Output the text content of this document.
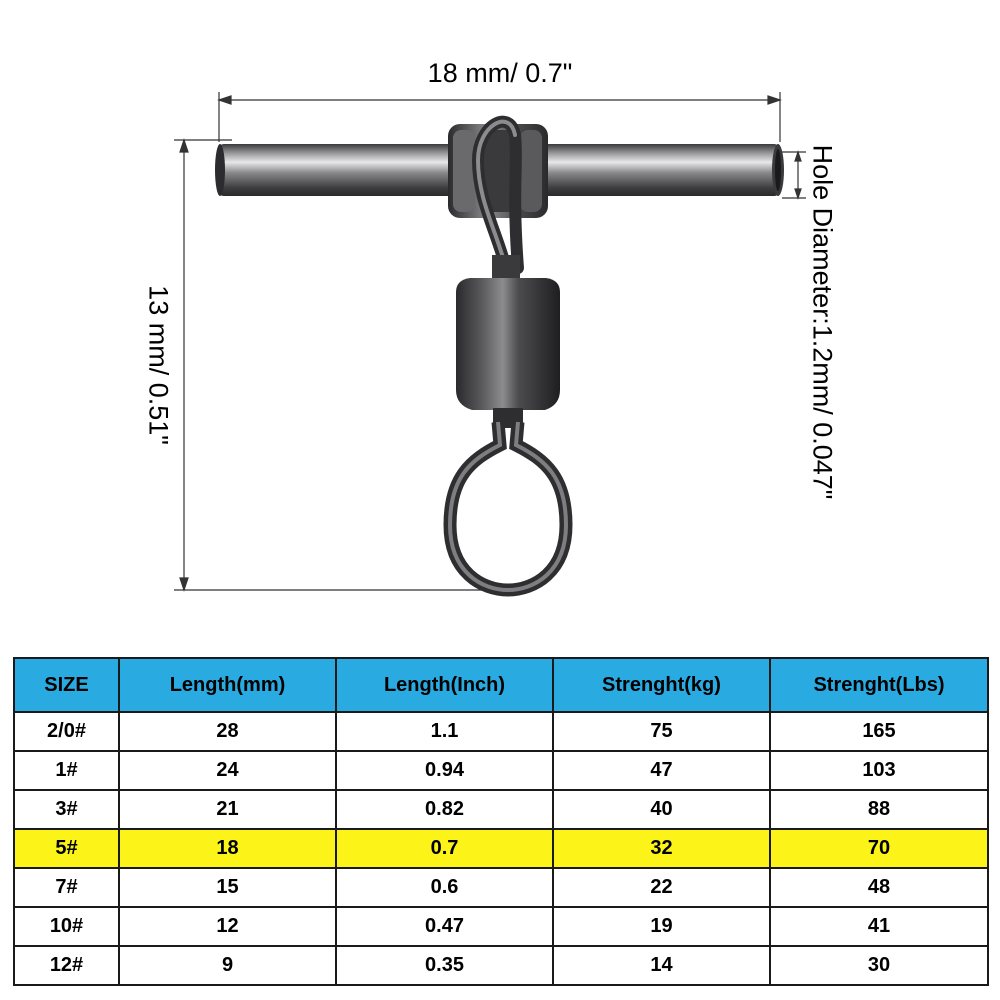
18 mm/ 0.7"
13 mm/ 0.51"	Hole Diameter:1.2mm/ 0.047"
SIZE	Length(mm)	Length(Inch)	Strenght(kg)	Strenght(Lbs)
2/0#	28	1.1	75	165
1#	24	0.94	47	103
3#	21	0.82	40	88
5#	18	0.7	32	70
7#	15	0.6	22	48
10#	12	0.47	19	41
12#	9	0.35	14	30
